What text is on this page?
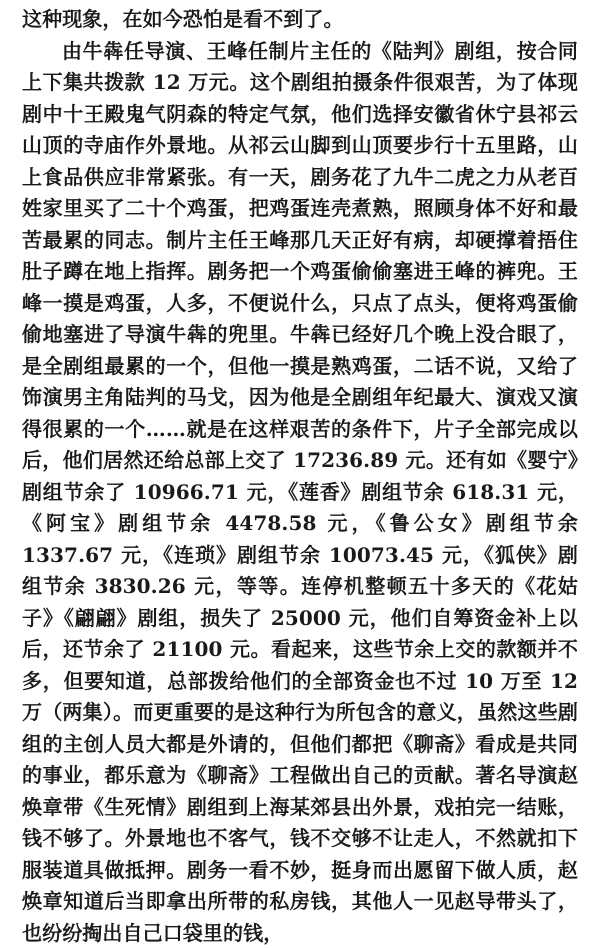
这种现象，在如今恐怕是看不到了。

由牛犇任导演、王峰任制片主任的《陆判》剧组，按合同上下集共拨款 12 万元。这个剧组拍摄条件很艰苦，为了体现剧中十王殿鬼气阴森的特定气氛，他们选择安徽省休宁县祁云山顶的寺庙作外景地。从祁云山脚到山顶要步行十五里路，山上食品供应非常紧张。有一天，剧务花了九牛二虎之力从老百姓家里买了二十个鸡蛋，把鸡蛋连壳煮熟，照顾身体不好和最苦最累的同志。制片主任王峰那几天正好有病，却硬撑着捂住肚子蹲在地上指挥。剧务把一个鸡蛋偷偷塞进王峰的裤兜。王峰一摸是鸡蛋，人多，不便说什么，只点了点头，便将鸡蛋偷偷地塞进了导演牛犇的兜里。牛犇已经好几个晚上没合眼了，是全剧组最累的一个，但他一摸是熟鸡蛋，二话不说，又给了饰演男主角陆判的马戈，因为他是全剧组年纪最大、演戏又演得很累的一个……就是在这样艰苦的条件下，片子全部完成以后，他们居然还给总部上交了 17236.89 元。还有如《婴宁》剧组节余了 10966.71 元，《莲香》剧组节余 618.31 元，《阿宝》剧组节余 4478.58 元，《鲁公女》剧组节余 1337.67 元，《连琐》剧组节余 10073.45 元，《狐侠》剧组节余 3830.26 元，等等。连停机整顿五十多天的《花姑子》《翩翩》剧组，损失了 25000 元，他们自筹资金补上以后，还节余了 21100 元。看起来，这些节余上交的款额并不多，但要知道，总部拨给他们的全部资金也不过 10 万至 12 万（两集）。而更重要的是这种行为所包含的意义，虽然这些剧组的主创人员大都是外请的，但他们都把《聊斋》看成是共同的事业，都乐意为《聊斋》工程做出自己的贡献。著名导演赵焕章带《生死情》剧组到上海某郊县出外景，戏拍完一结账，钱不够了。外景地也不客气，钱不交够不让走人，不然就扣下服装道具做抵押。剧务一看不妙，挺身而出愿留下做人质，赵焕章知道后当即拿出所带的私房钱，其他人一见赵导带头了，也纷纷掏出自己口袋里的钱，
